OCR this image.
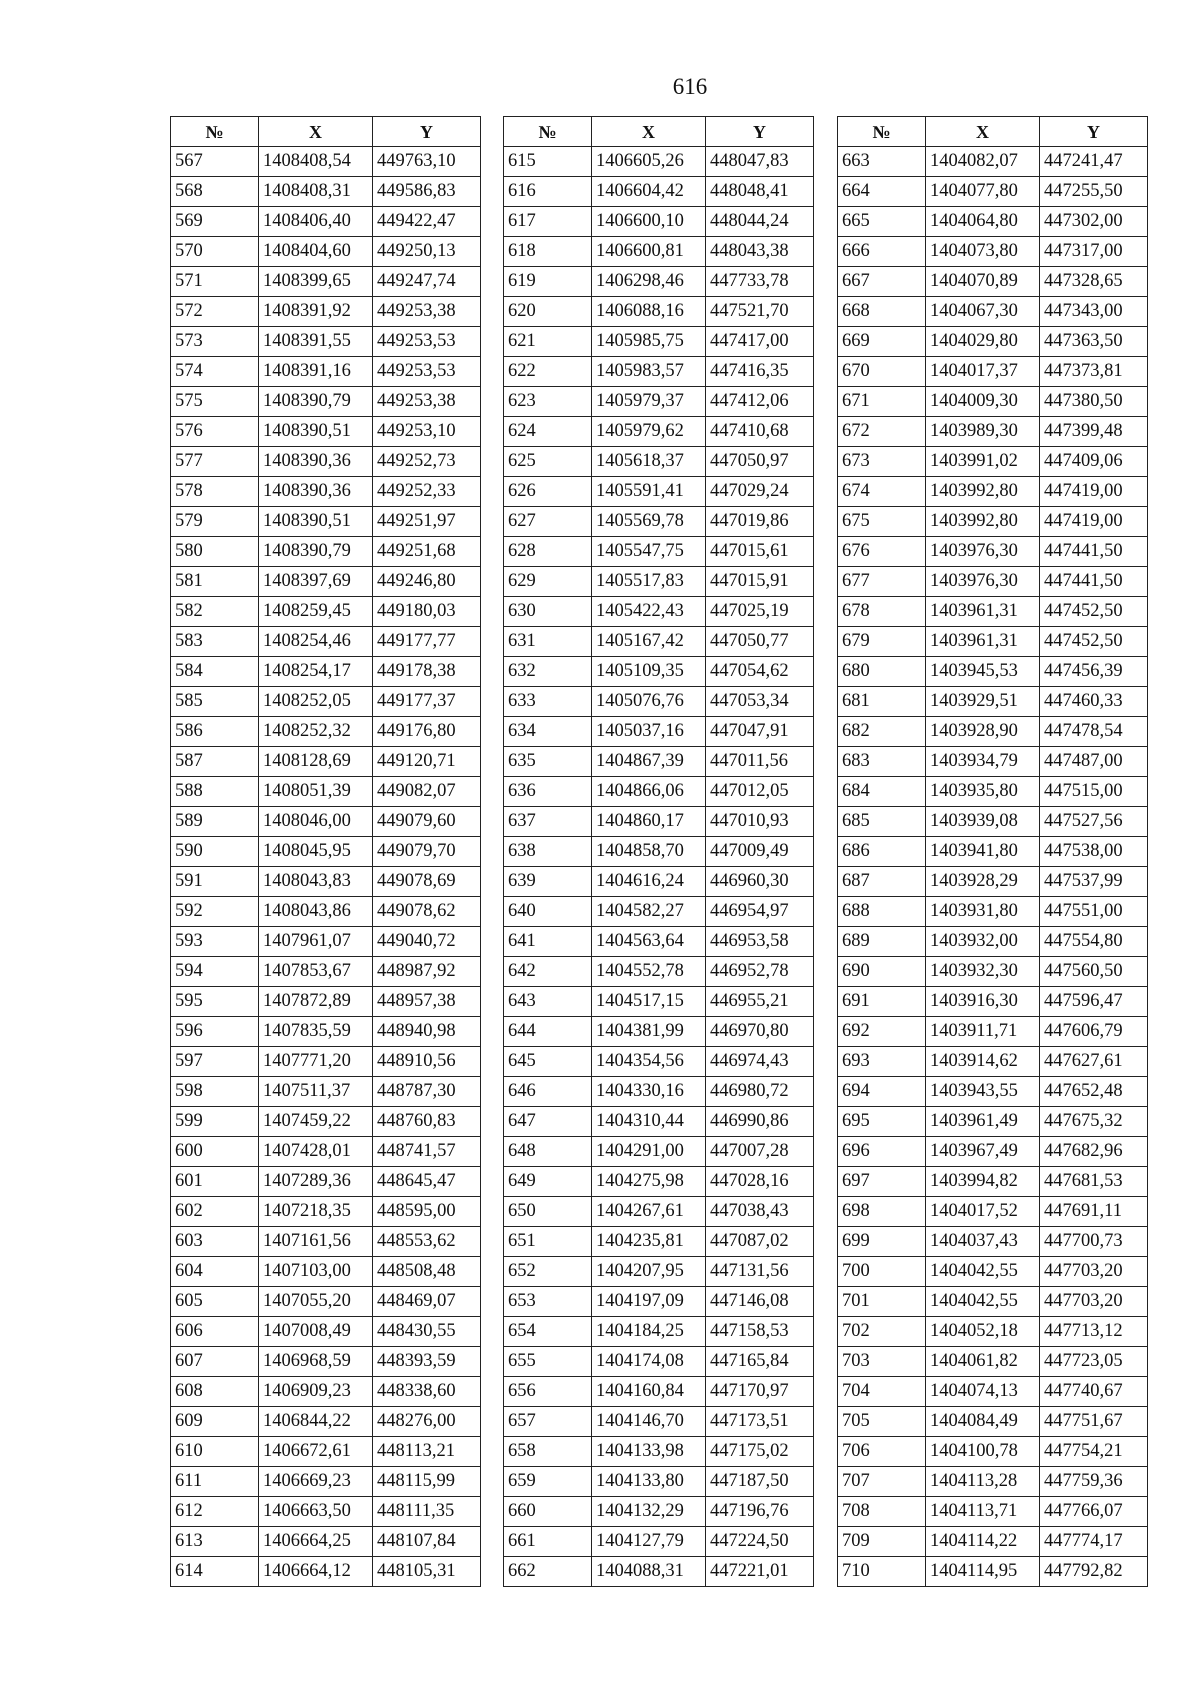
616
№	X	Y
567	1408408,54	449763,10
568	1408408,31	449586,83
569	1408406,40	449422,47
570	1408404,60	449250,13
571	1408399,65	449247,74
572	1408391,92	449253,38
573	1408391,55	449253,53
574	1408391,16	449253,53
575	1408390,79	449253,38
576	1408390,51	449253,10
577	1408390,36	449252,73
578	1408390,36	449252,33
579	1408390,51	449251,97
580	1408390,79	449251,68
581	1408397,69	449246,80
582	1408259,45	449180,03
583	1408254,46	449177,77
584	1408254,17	449178,38
585	1408252,05	449177,37
586	1408252,32	449176,80
587	1408128,69	449120,71
588	1408051,39	449082,07
589	1408046,00	449079,60
590	1408045,95	449079,70
591	1408043,83	449078,69
592	1408043,86	449078,62
593	1407961,07	449040,72
594	1407853,67	448987,92
595	1407872,89	448957,38
596	1407835,59	448940,98
597	1407771,20	448910,56
598	1407511,37	448787,30
599	1407459,22	448760,83
600	1407428,01	448741,57
601	1407289,36	448645,47
602	1407218,35	448595,00
603	1407161,56	448553,62
604	1407103,00	448508,48
605	1407055,20	448469,07
606	1407008,49	448430,55
607	1406968,59	448393,59
608	1406909,23	448338,60
609	1406844,22	448276,00
610	1406672,61	448113,21
611	1406669,23	448115,99
612	1406663,50	448111,35
613	1406664,25	448107,84
614	1406664,12	448105,31
№	X	Y
615	1406605,26	448047,83
616	1406604,42	448048,41
617	1406600,10	448044,24
618	1406600,81	448043,38
619	1406298,46	447733,78
620	1406088,16	447521,70
621	1405985,75	447417,00
622	1405983,57	447416,35
623	1405979,37	447412,06
624	1405979,62	447410,68
625	1405618,37	447050,97
626	1405591,41	447029,24
627	1405569,78	447019,86
628	1405547,75	447015,61
629	1405517,83	447015,91
630	1405422,43	447025,19
631	1405167,42	447050,77
632	1405109,35	447054,62
633	1405076,76	447053,34
634	1405037,16	447047,91
635	1404867,39	447011,56
636	1404866,06	447012,05
637	1404860,17	447010,93
638	1404858,70	447009,49
639	1404616,24	446960,30
640	1404582,27	446954,97
641	1404563,64	446953,58
642	1404552,78	446952,78
643	1404517,15	446955,21
644	1404381,99	446970,80
645	1404354,56	446974,43
646	1404330,16	446980,72
647	1404310,44	446990,86
648	1404291,00	447007,28
649	1404275,98	447028,16
650	1404267,61	447038,43
651	1404235,81	447087,02
652	1404207,95	447131,56
653	1404197,09	447146,08
654	1404184,25	447158,53
655	1404174,08	447165,84
656	1404160,84	447170,97
657	1404146,70	447173,51
658	1404133,98	447175,02
659	1404133,80	447187,50
660	1404132,29	447196,76
661	1404127,79	447224,50
662	1404088,31	447221,01
№	X	Y
663	1404082,07	447241,47
664	1404077,80	447255,50
665	1404064,80	447302,00
666	1404073,80	447317,00
667	1404070,89	447328,65
668	1404067,30	447343,00
669	1404029,80	447363,50
670	1404017,37	447373,81
671	1404009,30	447380,50
672	1403989,30	447399,48
673	1403991,02	447409,06
674	1403992,80	447419,00
675	1403992,80	447419,00
676	1403976,30	447441,50
677	1403976,30	447441,50
678	1403961,31	447452,50
679	1403961,31	447452,50
680	1403945,53	447456,39
681	1403929,51	447460,33
682	1403928,90	447478,54
683	1403934,79	447487,00
684	1403935,80	447515,00
685	1403939,08	447527,56
686	1403941,80	447538,00
687	1403928,29	447537,99
688	1403931,80	447551,00
689	1403932,00	447554,80
690	1403932,30	447560,50
691	1403916,30	447596,47
692	1403911,71	447606,79
693	1403914,62	447627,61
694	1403943,55	447652,48
695	1403961,49	447675,32
696	1403967,49	447682,96
697	1403994,82	447681,53
698	1404017,52	447691,11
699	1404037,43	447700,73
700	1404042,55	447703,20
701	1404042,55	447703,20
702	1404052,18	447713,12
703	1404061,82	447723,05
704	1404074,13	447740,67
705	1404084,49	447751,67
706	1404100,78	447754,21
707	1404113,28	447759,36
708	1404113,71	447766,07
709	1404114,22	447774,17
710	1404114,95	447792,82
